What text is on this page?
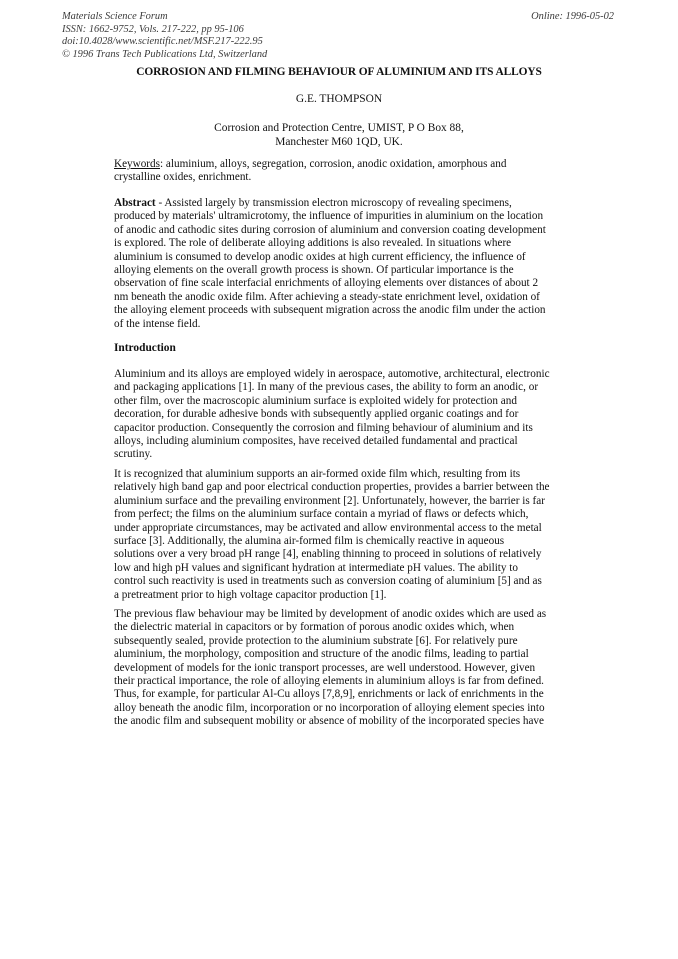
Materials Science Forum
ISSN: 1662-9752, Vols. 217-222, pp 95-106
doi:10.4028/www.scientific.net/MSF.217-222.95
© 1996 Trans Tech Publications Ltd, Switzerland
Online: 1996-05-02
CORROSION AND FILMING BEHAVIOUR OF ALUMINIUM AND ITS ALLOYS
G.E. THOMPSON
Corrosion and Protection Centre, UMIST, P O Box 88,
Manchester M60 1QD, UK.
Keywords: aluminium, alloys, segregation, corrosion, anodic oxidation, amorphous and
crystalline oxides, enrichment.
Abstract - Assisted largely by transmission electron microscopy of revealing specimens,
produced by materials' ultramicrotomy, the influence of impurities in aluminium on the location
of anodic and cathodic sites during corrosion of aluminium and conversion coating development
is explored. The role of deliberate alloying additions is also revealed. In situations where
aluminium is consumed to develop anodic oxides at high current efficiency, the influence of
alloying elements on the overall growth process is shown. Of particular importance is the
observation of fine scale interfacial enrichments of alloying elements over distances of about 2
nm beneath the anodic oxide film. After achieving a steady-state enrichment level, oxidation of
the alloying element proceeds with subsequent migration across the anodic film under the action
of the intense field.
Introduction
Aluminium and its alloys are employed widely in aerospace, automotive, architectural, electronic
and packaging applications [1]. In many of the previous cases, the ability to form an anodic, or
other film, over the macroscopic aluminium surface is exploited widely for protection and
decoration, for durable adhesive bonds with subsequently applied organic coatings and for
capacitor production. Consequently the corrosion and filming behaviour of aluminium and its
alloys, including aluminium composites, have received detailed fundamental and practical
scrutiny.
It is recognized that aluminium supports an air-formed oxide film which, resulting from its
relatively high band gap and poor electrical conduction properties, provides a barrier between the
aluminium surface and the prevailing environment [2]. Unfortunately, however, the barrier is far
from perfect; the films on the aluminium surface contain a myriad of flaws or defects which,
under appropriate circumstances, may be activated and allow environmental access to the metal
surface [3]. Additionally, the alumina air-formed film is chemically reactive in aqueous
solutions over a very broad pH range [4], enabling thinning to proceed in solutions of relatively
low and high pH values and significant hydration at intermediate pH values. The ability to
control such reactivity is used in treatments such as conversion coating of aluminium [5] and as
a pretreatment prior to high voltage capacitor production [1].
The previous flaw behaviour may be limited by development of anodic oxides which are used as
the dielectric material in capacitors or by formation of porous anodic oxides which, when
subsequently sealed, provide protection to the aluminium substrate [6]. For relatively pure
aluminium, the morphology, composition and structure of the anodic films, leading to partial
development of models for the ionic transport processes, are well understood. However, given
their practical importance, the role of alloying elements in aluminium alloys is far from defined.
Thus, for example, for particular Al-Cu alloys [7,8,9], enrichments or lack of enrichments in the
alloy beneath the anodic film, incorporation or no incorporation of alloying element species into
the anodic film and subsequent mobility or absence of mobility of the incorporated species have
